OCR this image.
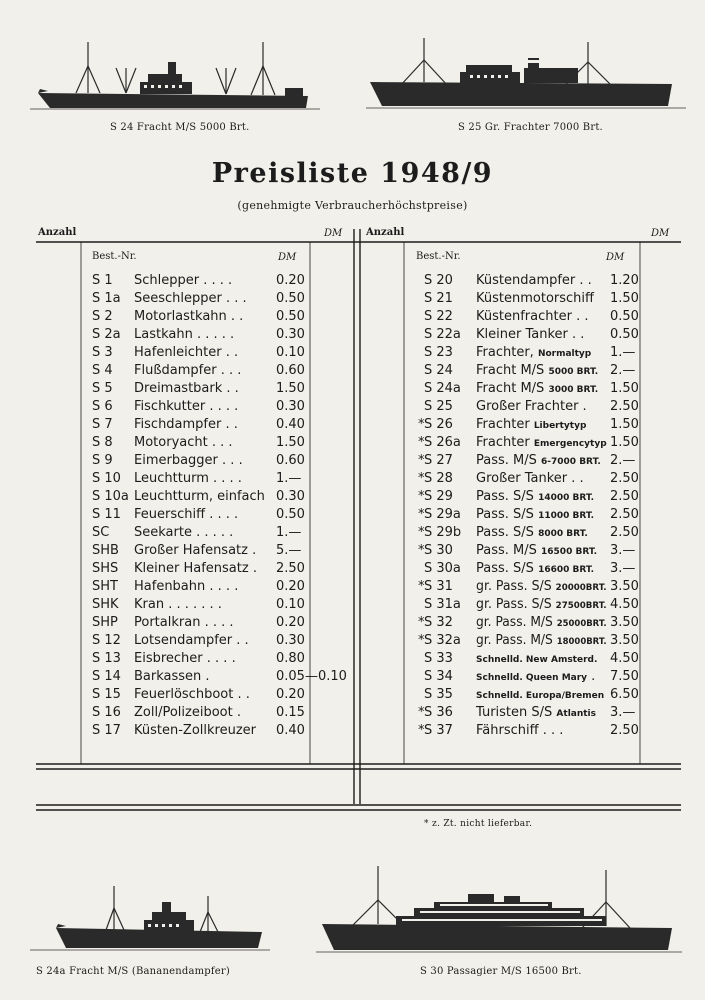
S 24 Fracht M/S 5000 Brt.	S 25 Gr. Frachter 7000 Brt.
Preisliste 1948/9
(genehmigte Verbraucherhöchstpreise)
Anzahl	DM Anzahl	DM
Best.-Nr.	DM	Best.-Nr.	DM
S 1 Schlepper . . . .	0.20
S 1a Seeschlepper . . . 0.50
S 2 Motorlastkahn . .	0.50
S 2a Lastkahn . . . . .	0.30
S 3 Hafenleichter . .	0.10
S 4 Flußdampfer . . .	0.60
S 5 Dreimastbark . .	1.50
S 6 Fischkutter . . . .	0.30
S 7 Fischdampfer . .	0.40
S 8 Motoryacht . . .	1.50
S 9 Eimerbagger . . .	0.60
S 10 Leuchtturm . . . .	1.—
S 10a Leuchtturm, einfach 0.30
S 11 Feuerschiff . . . .	0.50
SC Seekarte . . . . .	1.—
SHB Großer Hafensatz . 5.—
SHS Kleiner Hafensatz . 2.50
SHT Hafenbahn . . . .	0.20
SHK Kran . . . . . . .	0.10
SHP Portalkran . . . .	0.20
S 12 Lotsendampfer . . 0.30
S 13 Eisbrecher . . . .	0.80
S 14 Barkassen .	0.05—0.10
S 15 Feuerlöschboot . . 0.20
S 16 Zoll/Polizeiboot .	0.15
S 17 Küsten-Zollkreuzer 0.40
S 20 Küstendampfer . . 1.20
S 21 Küstenmotorschiff 1.50
S 22 Küstenfrachter . . 0.50
S 22a Kleiner Tanker . . 0.50
S 23 Frachter, Normaltyp 1.—
S 24 Fracht M/S 5000 BRT. 2.—
S 24a Fracht M/S 3000 BRT. 1.50
S 25 Großer Frachter . 2.50
* S 26 Frachter Libertytyp 1.50
* S 26a Frachter Emergencytyp 1.50
* S 27 Pass. M/S 6-7000 BRT. 2.—
* S 28 Großer Tanker . . 2.50
* S 29 Pass. S/S 14000 BRT. 2.50
* S 29a Pass. S/S 11000 BRT. 2.50
* S 29b Pass. S/S 8000 BRT. 2.50
* S 30 Pass. M/S 16500 BRT. 3.—
S 30a Pass. S/S 16600 BRT. 3.—
* S 31 gr. Pass. S/S 20000BRT. 3.50
S 31a gr. Pass. S/S 27500BRT. 4.50
* S 32 gr. Pass. M/S 25000BRT. 3.50
* S 32a gr. Pass. M/S 18000BRT. 3.50
S 33	Schnelld. New Amsterd. 4.50
S 34	Schnelld. Queen Mary . 7.50
S 35	Schnelld. Europa/Bremen 6.50
* S 36 Turisten S/S Atlantis 3.—
* S 37 Fährschiff . . .	2.50
* z. Zt. nicht lieferbar.
S 24a Fracht M/S (Bananendampfer)	S 30 Passagier M/S 16500 Brt.
